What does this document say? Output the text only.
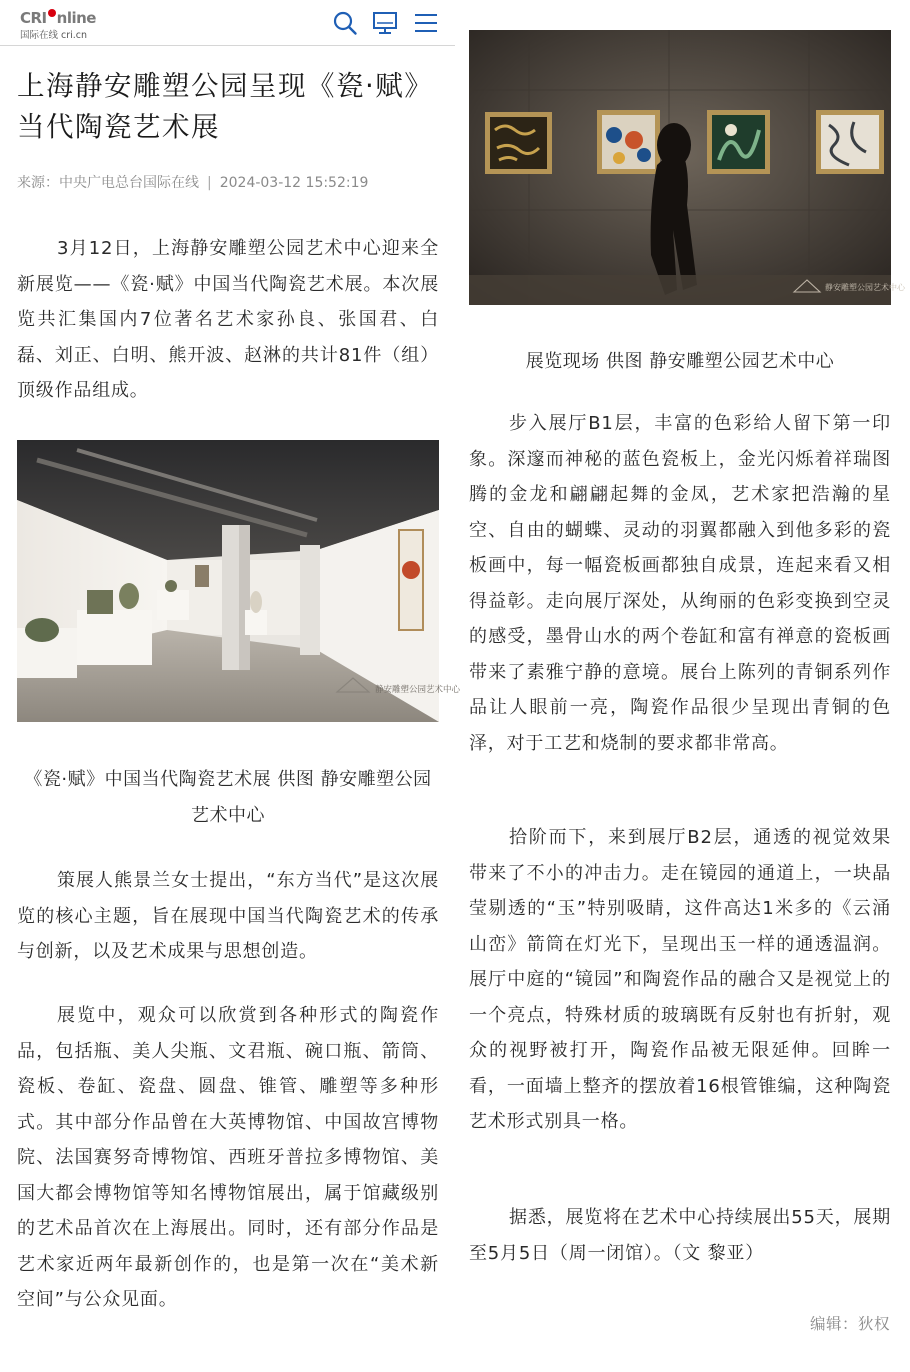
CRI nline
国际在线 cri.cn
上海静安雕塑公园呈现《瓷·赋》当代陶瓷艺术展
来源：中央广电总台国际在线 | 2024-03-12 15:52:19

3月12日，上海静安雕塑公园艺术中心迎来全新展览——《瓷·赋》中国当代陶瓷艺术展。本次展览共汇集国内7位著名艺术家孙良、张国君、白磊、刘正、白明、熊开波、赵淋的共计81件（组）顶级作品组成。

静安雕塑公园艺术中心

《瓷·赋》中国当代陶瓷艺术展 供图 静安雕塑公园艺术中心

策展人熊景兰女士提出，“东方当代”是这次展览的核心主题，旨在展现中国当代陶瓷艺术的传承与创新，以及艺术成果与思想创造。

展览中，观众可以欣赏到各种形式的陶瓷作品，包括瓶、美人尖瓶、文君瓶、碗口瓶、箭筒、瓷板、卷缸、瓷盘、圆盘、锥管、雕塑等多种形式。其中部分作品曾在大英博物馆、中国故宫博物院、法国赛努奇博物馆、西班牙普拉多博物馆、美国大都会博物馆等知名博物馆展出，属于馆藏级别的艺术品首次在上海展出。同时，还有部分作品是艺术家近两年最新创作的，也是第一次在“美术新空间”与公众见面。

静安雕塑公园艺术中心

展览现场 供图 静安雕塑公园艺术中心

步入展厅B1层，丰富的色彩给人留下第一印象。深邃而神秘的蓝色瓷板上，金光闪烁着祥瑞图腾的金龙和翩翩起舞的金凤，艺术家把浩瀚的星空、自由的蝴蝶、灵动的羽翼都融入到他多彩的瓷板画中，每一幅瓷板画都独自成景，连起来看又相得益彰。走向展厅深处，从绚丽的色彩变换到空灵的感受，墨骨山水的两个卷缸和富有禅意的瓷板画带来了素雅宁静的意境。展台上陈列的青铜系列作品让人眼前一亮，陶瓷作品很少呈现出青铜的色泽，对于工艺和烧制的要求都非常高。

拾阶而下，来到展厅B2层，通透的视觉效果带来了不小的冲击力。走在镜园的通道上，一块晶莹剔透的“玉”特别吸睛，这件高达1米多的《云涌山峦》箭筒在灯光下，呈现出玉一样的通透温润。展厅中庭的“镜园”和陶瓷作品的融合又是视觉上的一个亮点，特殊材质的玻璃既有反射也有折射，观众的视野被打开，陶瓷作品被无限延伸。回眸一看，一面墙上整齐的摆放着16根管锥编，这种陶瓷艺术形式别具一格。

据悉，展览将在艺术中心持续展出55天，展期至5月5日（周一闭馆）。（文 黎亚）

编辑：狄权
